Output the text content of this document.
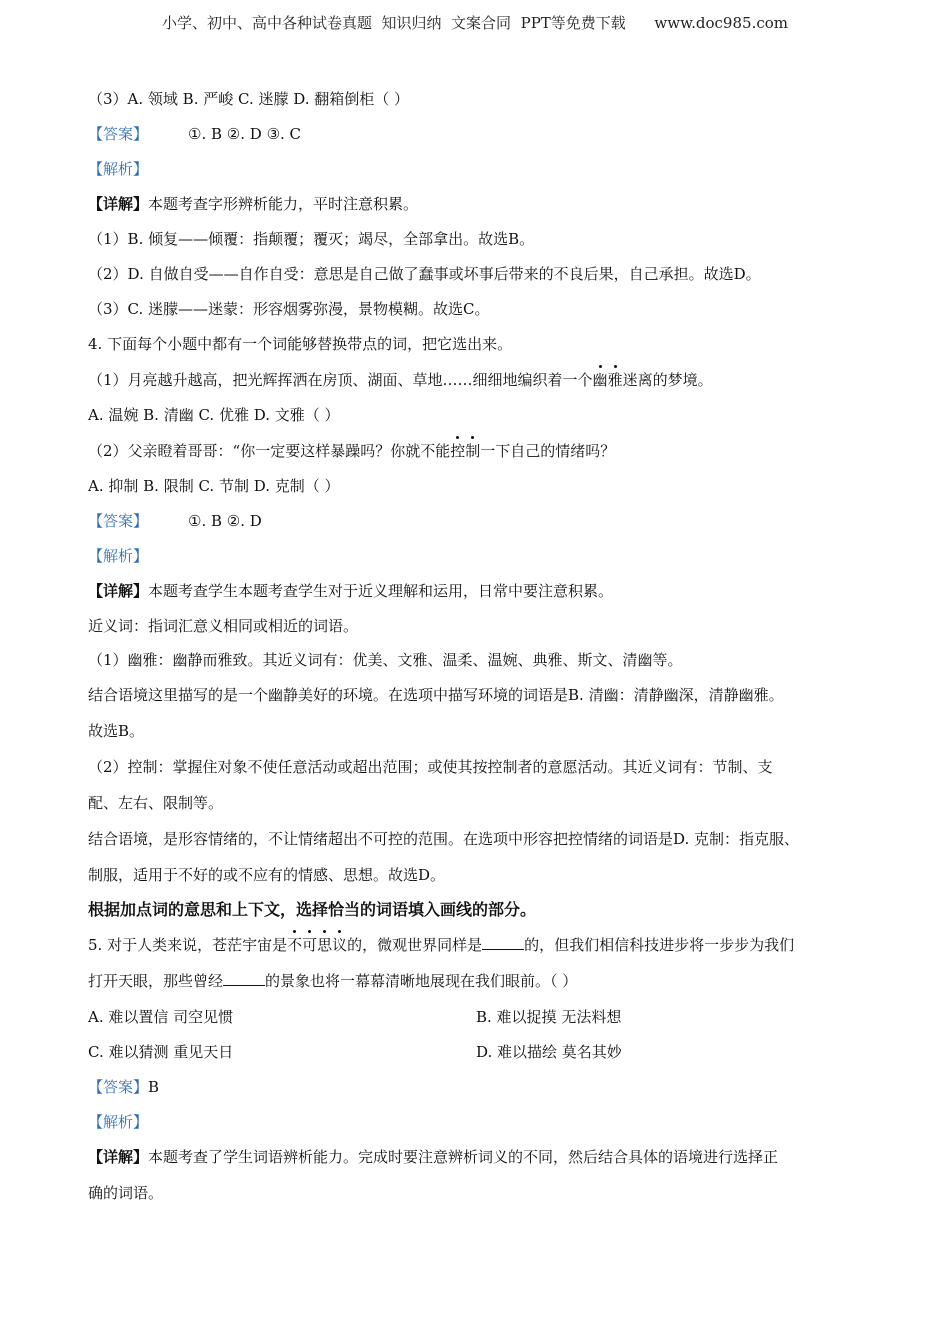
小学、初中、高中各种试卷真题  知识归纳  文案合同  PPT等免费下载      www.doc985.com
（3）A. 领域 B. 严峻 C. 迷朦 D. 翻箱倒柜（ ）
【答案】	①. B ②. D ③. C
【解析】
【详解】本题考查字形辨析能力，平时注意积累。
（1）B. 倾复——倾覆：指颠覆；覆灭；竭尽，全部拿出。故选B。
（2）D. 自做自受——自作自受：意思是自己做了蠢事或坏事后带来的不良后果，自己承担。故选D。
（3）C. 迷朦——迷蒙：形容烟雾弥漫，景物模糊。故选C。
4. 下面每个小题中都有一个词能够替换带点的词，把它选出来。
（1）月亮越升越高，把光辉挥洒在房顶、湖面、草地……细细地编织着一个幽雅迷离的梦境。
A. 温婉 B. 清幽 C. 优雅 D. 文雅（ ）
（2）父亲瞪着哥哥：“你一定要这样暴躁吗？你就不能控制一下自己的情绪吗？
A. 抑制 B. 限制 C. 节制 D. 克制（ ）
【答案】	①. B ②. D
【解析】
【详解】本题考查学生本题考查学生对于近义理解和运用，日常中要注意积累。
近义词：指词汇意义相同或相近的词语。
（1）幽雅：幽静而雅致。其近义词有：优美、文雅、温柔、温婉、典雅、斯文、清幽等。
结合语境这里描写的是一个幽静美好的环境。在选项中描写环境的词语是B. 清幽：清静幽深，清静幽雅。
故选B。
（2）控制：掌握住对象不使任意活动或超出范围；或使其按控制者的意愿活动。其近义词有：节制、支
配、左右、限制等。
结合语境，是形容情绪的，不让情绪超出不可控的范围。在选项中形容把控情绪的词语是D. 克制：指克服、
制服，适用于不好的或不应有的情感、思想。故选D。
根据加点词的意思和上下文，选择恰当的词语填入画线的部分。
5. 对于人类来说，苍茫宇宙是不可思议的，微观世界同样是	的，但我们相信科技进步将一步步为我们
打开天眼，那些曾经	的景象也将一幕幕清晰地展现在我们眼前。（ ）
A. 难以置信 司空见惯	B. 难以捉摸 无法料想
C. 难以猜测 重见天日	D. 难以描绘 莫名其妙
【答案】B
【解析】
【详解】本题考查了学生词语辨析能力。完成时要注意辨析词义的不同，然后结合具体的语境进行选择正
确的词语。
